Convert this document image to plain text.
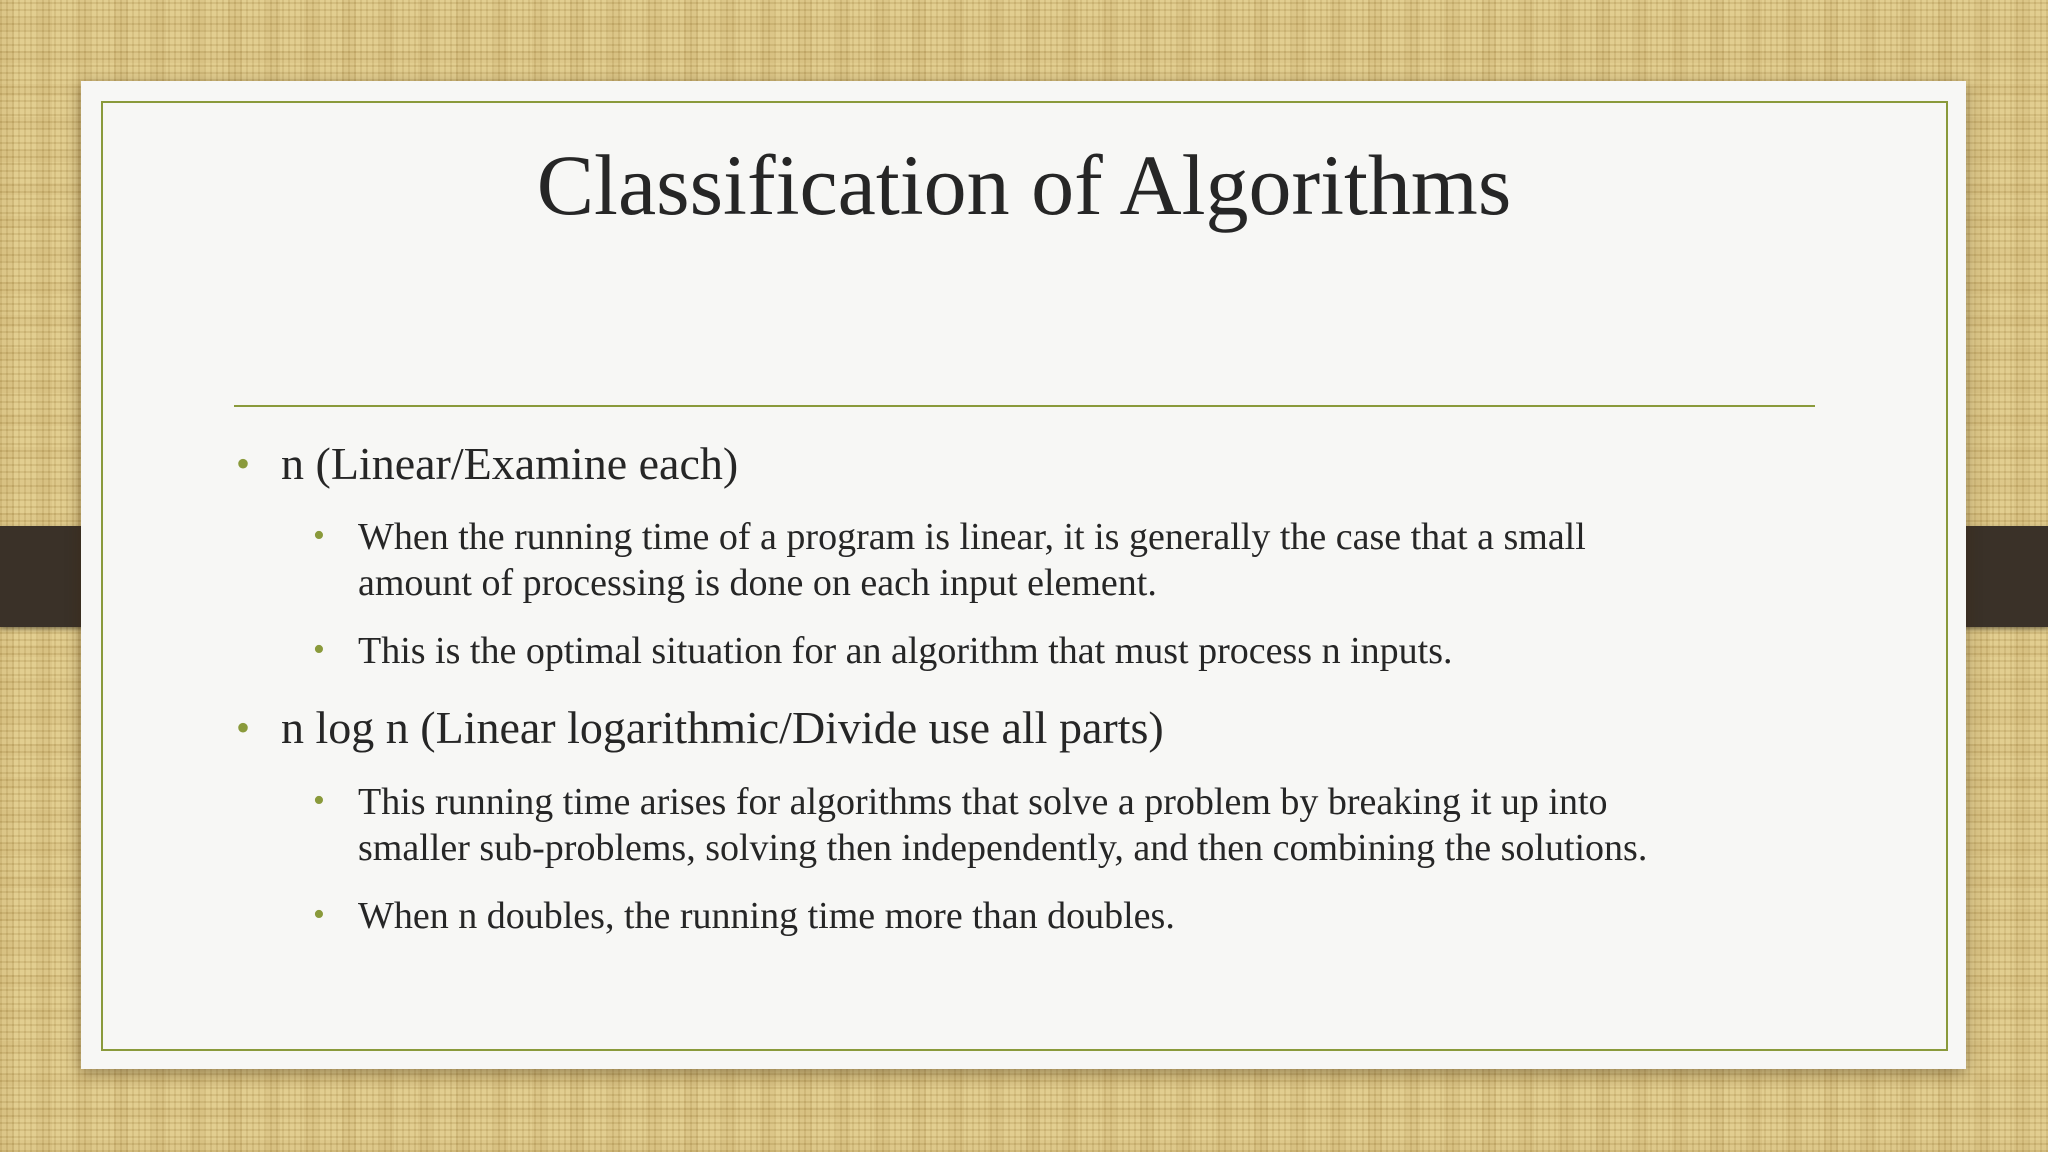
Classification of Algorithms
• n (Linear/Examine each)
• When the running time of a program is linear, it is generally the case that a small
amount of processing is done on each input element.
• This is the optimal situation for an algorithm that must process n inputs.
• n log n (Linear logarithmic/Divide use all parts)
• This running time arises for algorithms that solve a problem by breaking it up into
smaller sub-problems, solving then independently, and then combining the solutions.
• When n doubles, the running time more than doubles.
